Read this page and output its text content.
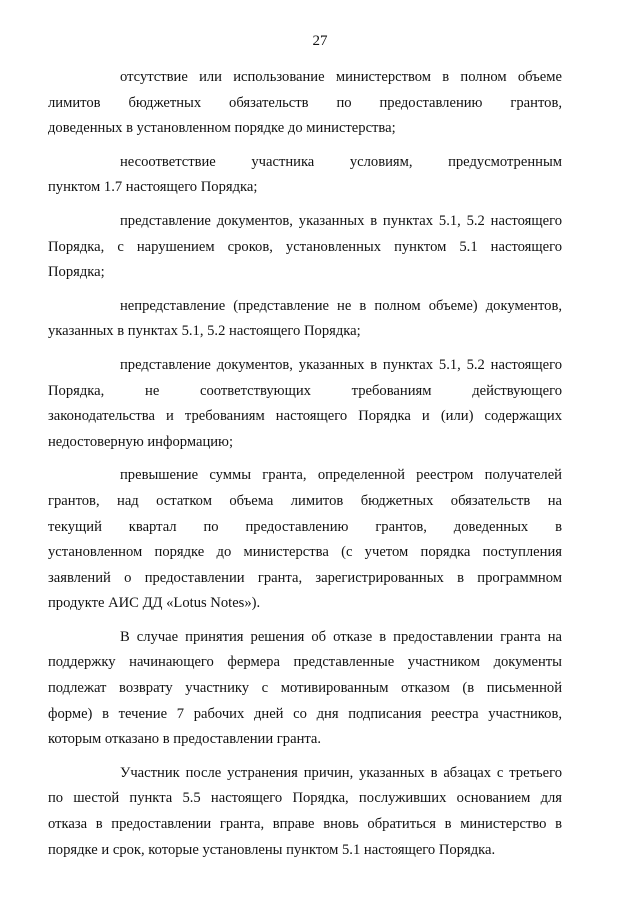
27

отсутствие или использование министерством в полном объеме
лимитов бюджетных обязательств по предоставлению грантов,
доведенных в установленном порядке до министерства;

несоответствие участника условиям, предусмотренным
пунктом 1.7 настоящего Порядка;

представление документов, указанных в пунктах 5.1, 5.2 настоящего
Порядка, с нарушением сроков, установленных пунктом 5.1 настоящего
Порядка;

непредставление (представление не в полном объеме) документов,
указанных в пунктах 5.1, 5.2 настоящего Порядка;

представление документов, указанных в пунктах 5.1, 5.2 настоящего
Порядка, не соответствующих требованиям действующего
законодательства и требованиям настоящего Порядка и (или) содержащих
недостоверную информацию;

превышение суммы гранта, определенной реестром получателей
грантов, над остатком объема лимитов бюджетных обязательств на
текущий квартал по предоставлению грантов, доведенных в
установленном порядке до министерства (с учетом порядка поступления
заявлений о предоставлении гранта, зарегистрированных в программном
продукте АИС ДД «Lotus Notes»).

В случае принятия решения об отказе в предоставлении гранта на
поддержку начинающего фермера представленные участником документы
подлежат возврату участнику с мотивированным отказом (в письменной
форме) в течение 7 рабочих дней со дня подписания реестра участников,
которым отказано в предоставлении гранта.

Участник после устранения причин, указанных в абзацах с третьего
по шестой пункта 5.5 настоящего Порядка, послуживших основанием для
отказа в предоставлении гранта, вправе вновь обратиться в министерство в
порядке и срок, которые установлены пунктом 5.1 настоящего Порядка.
